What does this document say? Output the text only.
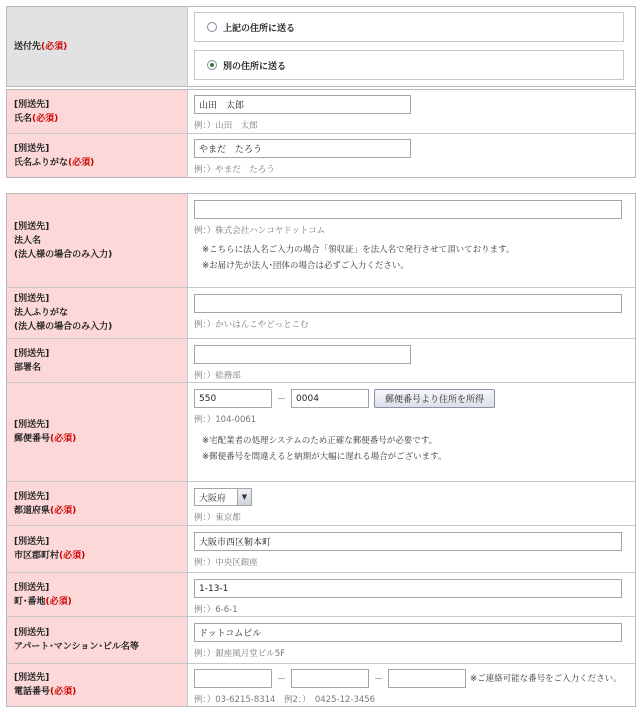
送付先(必須)
上記の住所に送る
別の住所に送る
[別送先]
氏名(必須)
山田　太郎
例：）山田　太郎
[別送先]
氏名ふりがな(必須)
やまだ　たろう
例：）やまだ　たろう
[別送先]
法人名
(法人様の場合のみ入力)
例：）株式会社ハンコヤドットコム
※こちらに法人名ご入力の場合「領収証」を法人名で発行させて頂いております。
※お届け先が法人･団体の場合は必ずご入力ください。
[別送先]
法人ふりがな
(法人様の場合のみ入力)	例：）かいはんこやどっとこむ
[別送先]
部署名
例：）総務部
[別送先]
郵便番号(必須)
550
－
0004	郵便番号より住所を所得
例：）104-0061
※宅配業者の処理システムのため正確な郵便番号が必要です。
※郵便番号を間違えると納期が大幅に遅れる場合がございます。
[別送先]
都道府県(必須)
大阪府	▼
例：）東京都
[別送先]
市区郡町村(必須)
大阪市西区靭本町
例：）中央区銀座
[別送先]
町･番地(必須)
1-13-1
例：）6-6-1
[別送先]
アパート･マンション･ビル名等
ドットコムビル
例：）銀座風月堂ビル5F
[別送先]
電話番号(必須)
－	－	※ご連絡可能な番号をご入力ください。
例：）03-6215-8314　例2：）　0425-12-3456
